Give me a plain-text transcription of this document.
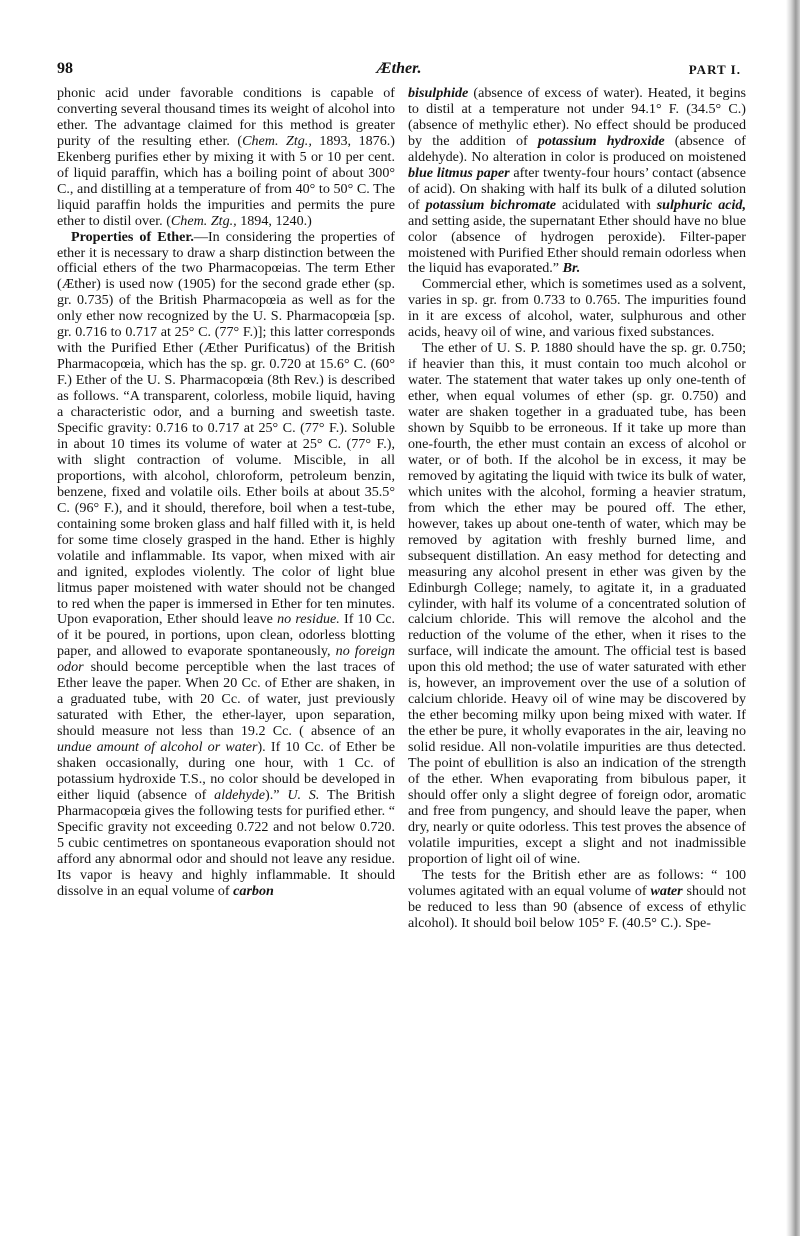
98	Æther.	PART I.

phonic acid under favorable conditions is capable of converting several thousand times its weight of alcohol into ether. The advantage claimed for this method is greater purity of the resulting ether. (Chem. Ztg., 1893, 1876.) Ekenberg purifies ether by mixing it with 5 or 10 per cent. of liquid paraffin, which has a boiling point of about 300° C., and distilling at a temperature of from 40° to 50° C. The liquid paraffin holds the impurities and permits the pure ether to distil over. (Chem. Ztg., 1894, 1240.)

Properties of Ether.—In considering the properties of ether it is necessary to draw a sharp distinction between the official ethers of the two Pharmacopœias. The term Ether (Æther) is used now (1905) for the second grade ether (sp. gr. 0.735) of the British Pharmacopœia as well as for the only ether now recognized by the U. S. Pharmacopœia [sp. gr. 0.716 to 0.717 at 25° C. (77° F.)]; this latter corresponds with the Purified Ether (Æther Purificatus) of the British Pharmacopœia, which has the sp. gr. 0.720 at 15.6° C. (60° F.) Ether of the U. S. Pharmacopœia (8th Rev.) is described as follows. “A transparent, colorless, mobile liquid, having a characteristic odor, and a burning and sweetish taste. Specific gravity: 0.716 to 0.717 at 25° C. (77° F.). Soluble in about 10 times its volume of water at 25° C. (77° F.), with slight contraction of volume. Miscible, in all proportions, with alcohol, chloroform, petroleum benzin, benzene, fixed and volatile oils. Ether boils at about 35.5° C. (96° F.), and it should, therefore, boil when a test-tube, containing some broken glass and half filled with it, is held for some time closely grasped in the hand. Ether is highly volatile and inflammable. Its vapor, when mixed with air and ignited, explodes violently. The color of light blue litmus paper moistened with water should not be changed to red when the paper is immersed in Ether for ten minutes. Upon evaporation, Ether should leave no residue. If 10 Cc. of it be poured, in portions, upon clean, odorless blotting paper, and allowed to evaporate spontaneously, no foreign odor should become perceptible when the last traces of Ether leave the paper. When 20 Cc. of Ether are shaken, in a graduated tube, with 20 Cc. of water, just previously saturated with Ether, the ether-layer, upon separation, should measure not less than 19.2 Cc. ( absence of an undue amount of alcohol or water). If 10 Cc. of Ether be shaken occasionally, during one hour, with 1 Cc. of potassium hydroxide T.S., no color should be developed in either liquid (absence of aldehyde).” U. S. The British Pharmacopœia gives the following tests for purified ether. “ Specific gravity not exceeding 0.722 and not below 0.720. 5 cubic centimetres on spontaneous evaporation should not afford any abnormal odor and should not leave any residue. Its vapor is heavy and highly inflammable. It should dissolve in an equal volume of carbon

bisulphide (absence of excess of water). Heated, it begins to distil at a temperature not under 94.1° F. (34.5° C.) (absence of methylic ether). No effect should be produced by the addition of potassium hydroxide (absence of aldehyde). No alteration in color is produced on moistened blue litmus paper after twenty-four hours’ contact (absence of acid). On shaking with half its bulk of a diluted solution of potassium bichromate acidulated with sulphuric acid, and setting aside, the supernatant Ether should have no blue color (absence of hydrogen peroxide). Filter-paper moistened with Purified Ether should remain odorless when the liquid has evaporated.” Br.

Commercial ether, which is sometimes used as a solvent, varies in sp. gr. from 0.733 to 0.765. The impurities found in it are excess of alcohol, water, sulphurous and other acids, heavy oil of wine, and various fixed substances.

The ether of U. S. P. 1880 should have the sp. gr. 0.750; if heavier than this, it must contain too much alcohol or water. The statement that water takes up only one-tenth of ether, when equal volumes of ether (sp. gr. 0.750) and water are shaken together in a graduated tube, has been shown by Squibb to be erroneous. If it take up more than one-fourth, the ether must contain an excess of alcohol or water, or of both. If the alcohol be in excess, it may be removed by agitating the liquid with twice its bulk of water, which unites with the alcohol, forming a heavier stratum, from which the ether may be poured off. The ether, however, takes up about one-tenth of water, which may be removed by agitation with freshly burned lime, and subsequent distillation. An easy method for detecting and measuring any alcohol present in ether was given by the Edinburgh College; namely, to agitate it, in a graduated cylinder, with half its volume of a concentrated solution of calcium chloride. This will remove the alcohol and the reduction of the volume of the ether, when it rises to the surface, will indicate the amount. The official test is based upon this old method; the use of water saturated with ether is, however, an improvement over the use of a solution of calcium chloride. Heavy oil of wine may be discovered by the ether becoming milky upon being mixed with water. If the ether be pure, it wholly evaporates in the air, leaving no solid residue. All non-volatile impurities are thus detected. The point of ebullition is also an indication of the strength of the ether. When evaporating from bibulous paper, it should offer only a slight degree of foreign odor, aromatic and free from pungency, and should leave the paper, when dry, nearly or quite odorless. This test proves the absence of volatile impurities, except a slight and not inadmissible proportion of light oil of wine.

The tests for the British ether are as follows: “ 100 volumes agitated with an equal volume of water should not be reduced to less than 90 (absence of excess of ethylic alcohol). It should boil below 105° F. (40.5° C.). Spe-
